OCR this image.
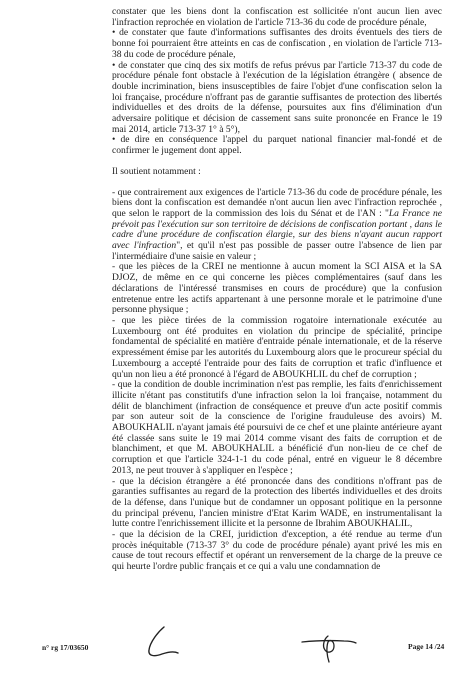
constater que les biens dont la confiscation est sollicitée n'ont aucun lien avec l'infraction reprochée en violation de l'article 713-36 du code de procédure pénale,

• de constater que faute d'informations suffisantes des droits éventuels des tiers de bonne foi pourraient être atteints en cas de confiscation , en violation de l'article 713-38 du code de procédure pénale,

• de constater que cinq des six motifs de refus prévus par l'article 713-37 du code de procédure pénale font obstacle à l'exécution de la législation étrangère ( absence de double incrimination, biens insusceptibles de faire l'objet d'une confiscation selon la loi française, procédure n'offrant pas de garantie suffisantes de protection des libertés individuelles et des droits de la défense, poursuites aux fins d'élimination d'un adversaire politique et décision de cassement sans suite prononcée en France le 19 mai 2014, article 713-37 1° à 5°),

• de dire en conséquence l'appel du parquet national financier mal-fondé et de confirmer le jugement dont appel.

Il soutient notamment :

- que contrairement aux exigences de l'article 713-36 du code de procédure pénale, les biens dont la confiscation est demandée n'ont aucun lien avec l'infraction reprochée , que selon le rapport de la commission des lois du Sénat et de l'AN : "La France ne prévoit pas l'exécution sur son territoire de décisions de confiscation portant , dans le cadre d'une procédure de confiscation élargie, sur des biens n'ayant aucun rapport avec l'infraction", et qu'il n'est pas possible de passer outre l'absence de lien par l'intermédiaire d'une saisie en valeur ;

- que les pièces de la CREI ne mentionne à aucun moment la SCI AISA et la SA DJOZ, de même en ce qui concerne les pièces complémentaires (sauf dans les déclarations de l'intéressé transmises en cours de procédure) que la confusion entretenue entre les actifs appartenant à une personne morale et le patrimoine d'une personne physique ;

- que les pièce tirées de la commission rogatoire internationale exécutée au Luxembourg ont été produites en violation du principe de spécialité, principe fondamental de spécialité en matière d'entraide pénale internationale, et de la réserve expressément émise par les autorités du Luxembourg alors que le procureur spécial du Luxembourg a accepté l'entraide pour des faits de corruption et trafic d'influence et qu'un non lieu a été prononcé à l'égard de ABOUKHLIL du chef de corruption ;

- que la condition de double incrimination n'est pas remplie, les faits d'enrichissement illicite n'étant pas constitutifs d'une infraction selon la loi française, notamment du délit de blanchiment (infraction de conséquence et preuve d'un acte positif commis par son auteur soit de la conscience de l'origine frauduleuse des avoirs) M. ABOUKHALIL n'ayant jamais été poursuivi de ce chef et une plainte antérieure ayant été classée sans suite le 19 mai 2014 comme visant des faits de corruption et de blanchiment, et que M. ABOUKHALIL a bénéficié d'un non-lieu de ce chef de corruption et que l'article 324-1-1 du code pénal, entré en vigueur le 8 décembre 2013, ne peut trouver à s'appliquer en l'espèce ;

- que la décision étrangère a été prononcée dans des conditions n'offrant pas de garanties suffisantes au regard de la protection des libertés individuelles et des droits de la défense, dans l'unique but de condamner un opposant politique en la personne du principal prévenu, l'ancien ministre d'Etat Karim WADE, en instrumentalisant la lutte contre l'enrichissement illicite et la personne de Ibrahim ABOUKHALIL,

- que la décision de la CREI, juridiction d'exception, a été rendue au terme d'un procès inéquitable (713-37 3° du code de procédure pénale) ayant privé les mis en cause de tout recours effectif et opérant un renversement de la charge de la preuve ce qui heurte l'ordre public français et ce qui a valu une condamnation de

n° rg 17/03650	Page 14 /24
